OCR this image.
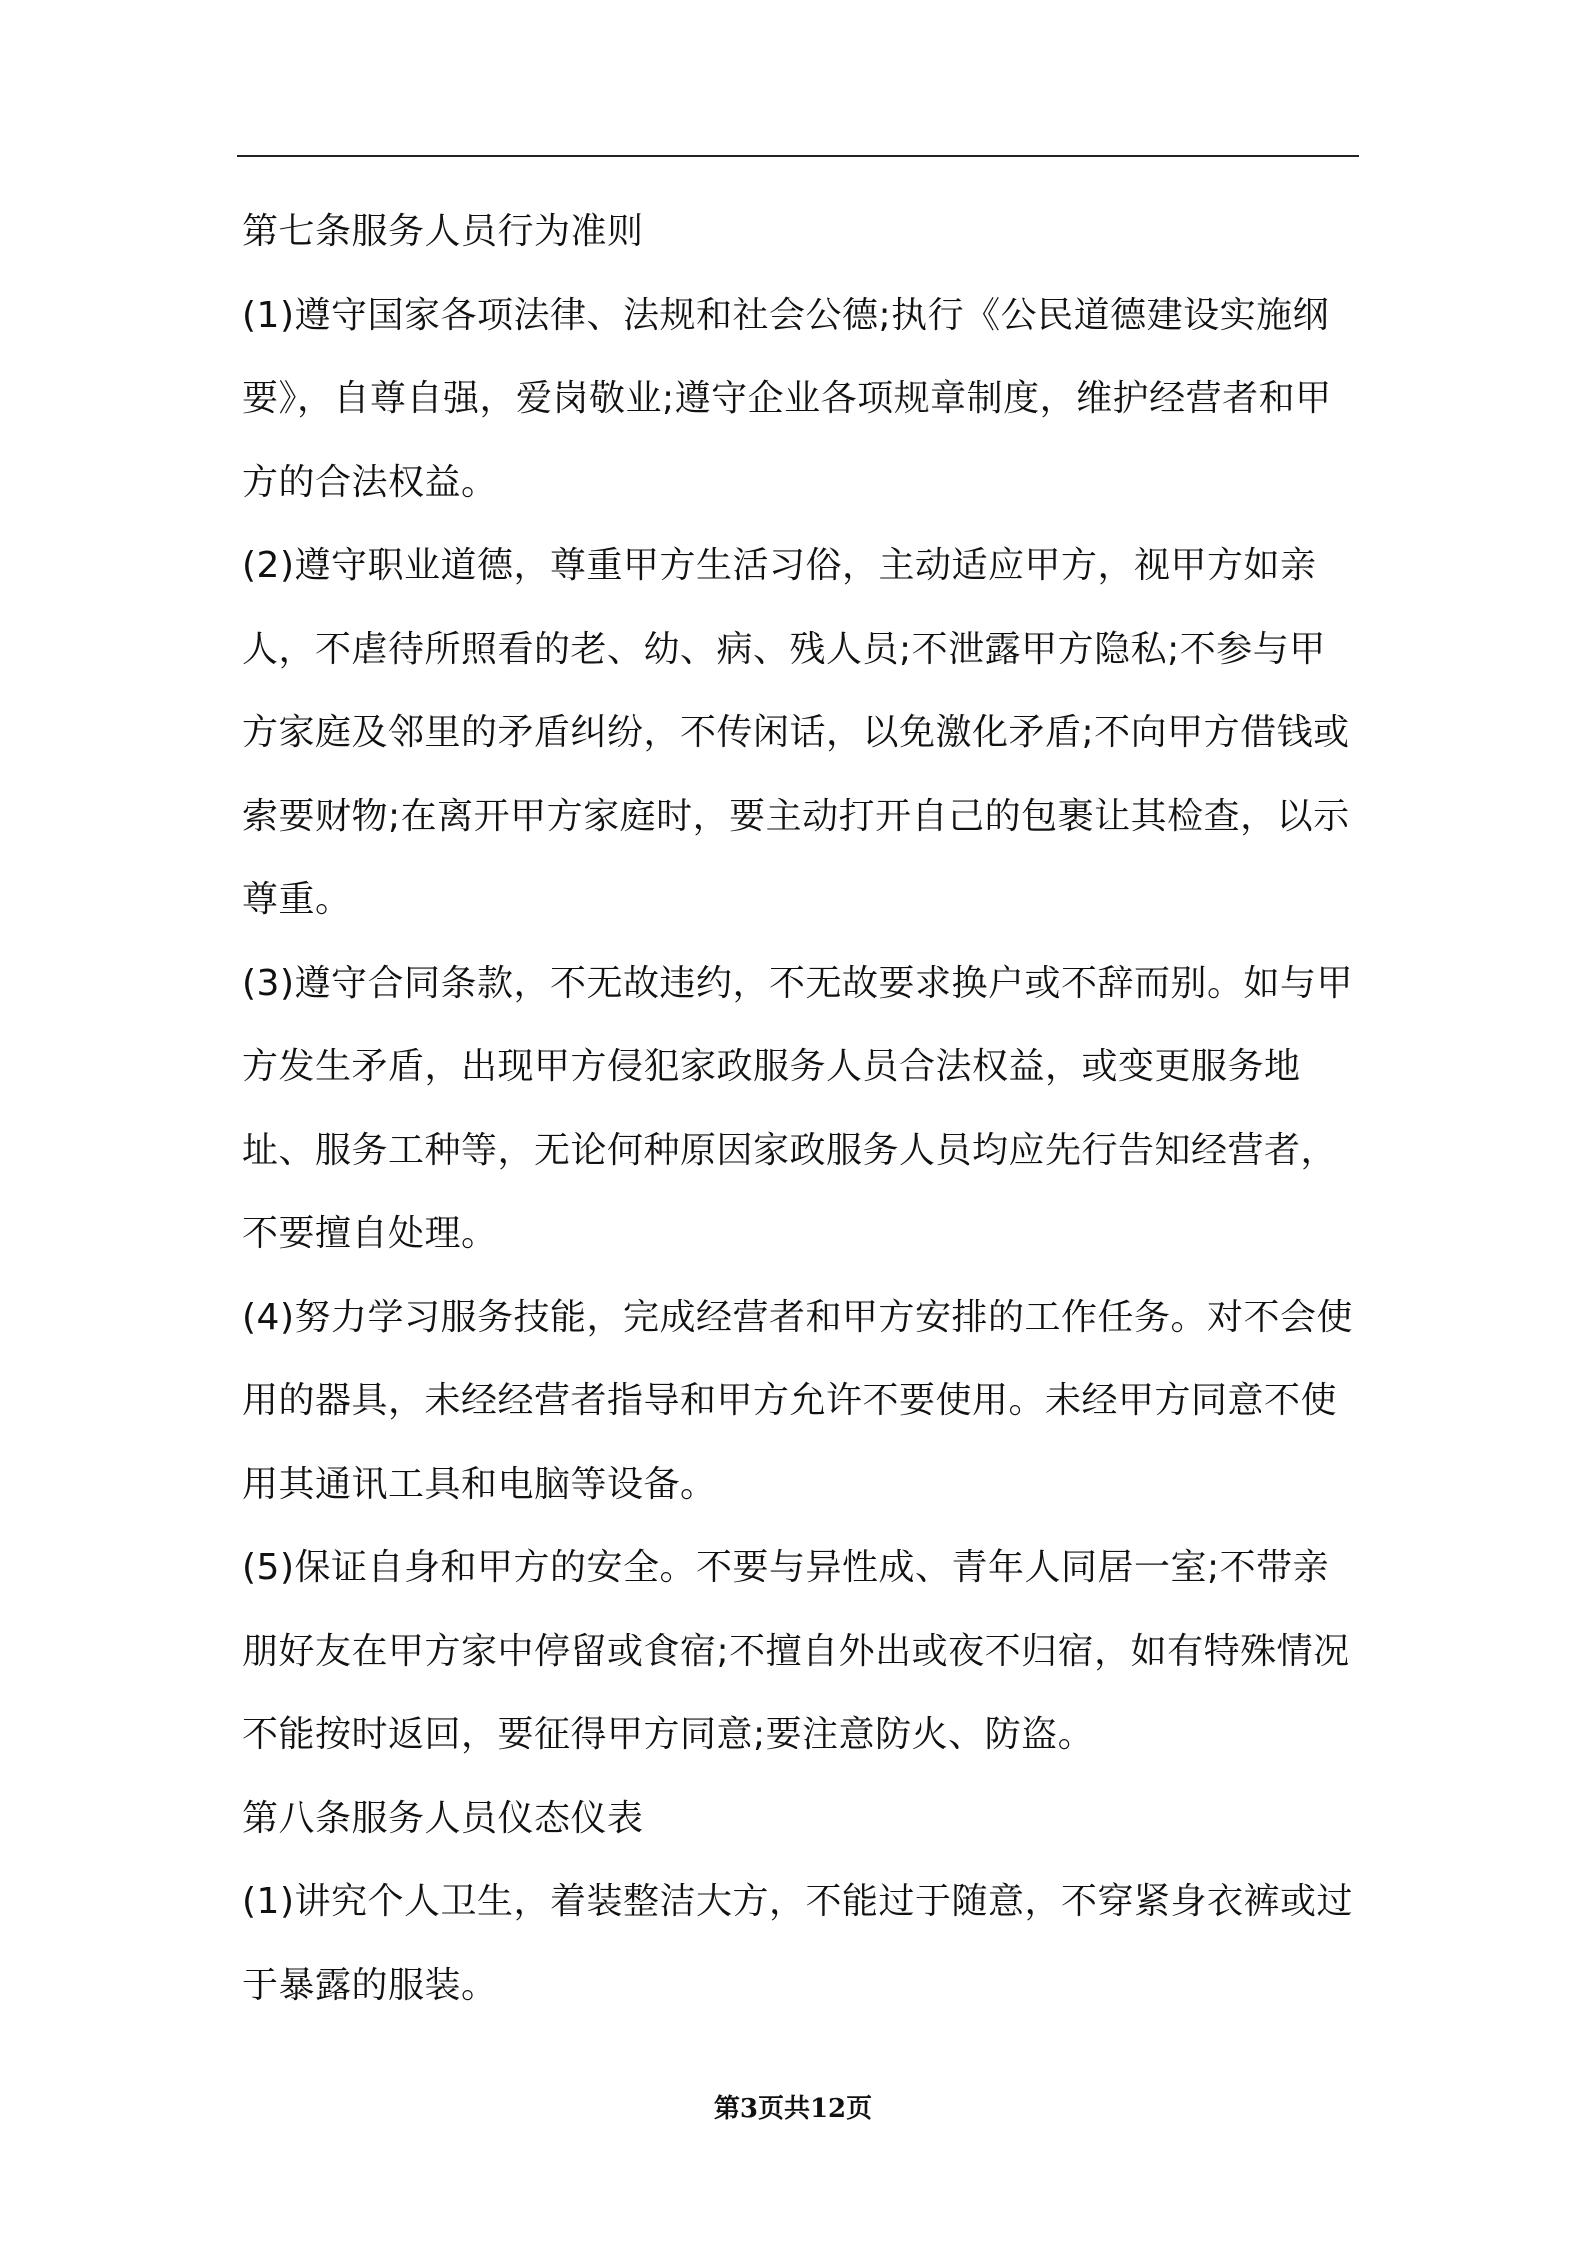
第七条服务人员行为准则

(1)遵守国家各项法律、法规和社会公德;执行《公民道德建设实施纲要》，自尊自强，爱岗敬业;遵守企业各项规章制度，维护经营者和甲方的合法权益。

(2)遵守职业道德，尊重甲方生活习俗，主动适应甲方，视甲方如亲人，不虐待所照看的老、幼、病、残人员;不泄露甲方隐私;不参与甲方家庭及邻里的矛盾纠纷，不传闲话，以免激化矛盾;不向甲方借钱或索要财物;在离开甲方家庭时，要主动打开自己的包裹让其检查，以示尊重。

(3)遵守合同条款，不无故违约，不无故要求换户或不辞而别。如与甲方发生矛盾，出现甲方侵犯家政服务人员合法权益，或变更服务地址、服务工种等，无论何种原因家政服务人员均应先行告知经营者，不要擅自处理。

(4)努力学习服务技能，完成经营者和甲方安排的工作任务。对不会使用的器具，未经经营者指导和甲方允许不要使用。未经甲方同意不使用其通讯工具和电脑等设备。

(5)保证自身和甲方的安全。不要与异性成、青年人同居一室;不带亲朋好友在甲方家中停留或食宿;不擅自外出或夜不归宿，如有特殊情况不能按时返回，要征得甲方同意;要注意防火、防盗。

第八条服务人员仪态仪表

(1)讲究个人卫生，着装整洁大方，不能过于随意，不穿紧身衣裤或过于暴露的服装。

第3页共12页
